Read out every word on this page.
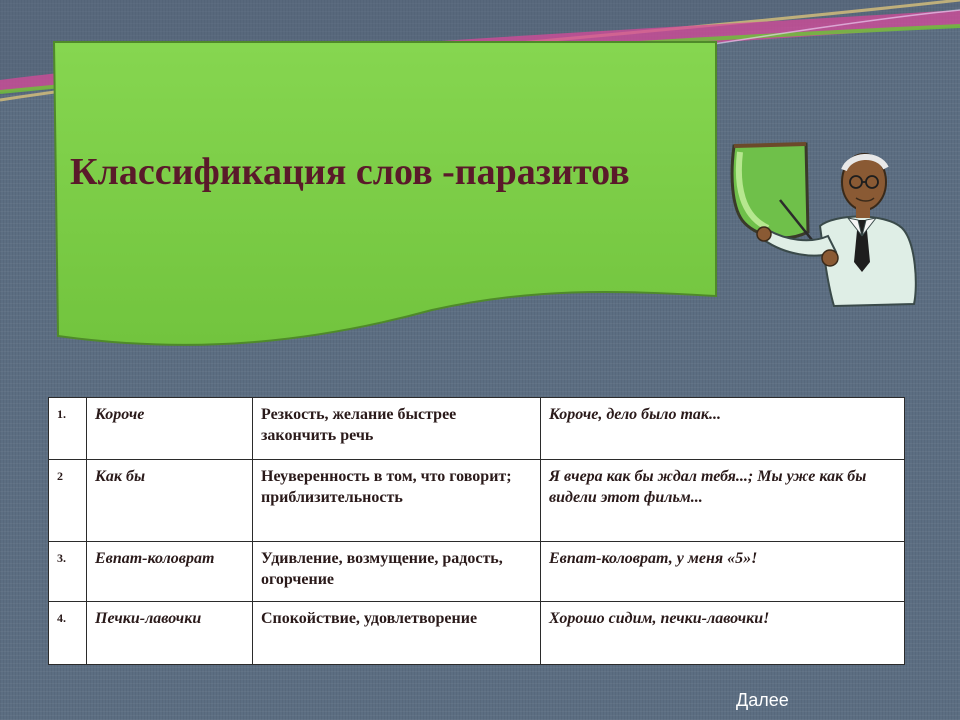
Классификация слов -паразитов
1.	Короче	Резкость, желание быстрее закончить речь	Короче, дело было так...
2	Как бы	Неуверенность в том, что говорит; приблизительность	Я вчера как бы ждал тебя...; Мы уже как бы видели этот фильм...
3.	Евпат-коловрат	Удивление, возмущение, радость, огорчение	Евпат-коловрат, у меня «5»!
4.	Печки-лавочки	Спокойствие, удовлетворение	Хорошо сидим, печки-лавочки!
Далее
